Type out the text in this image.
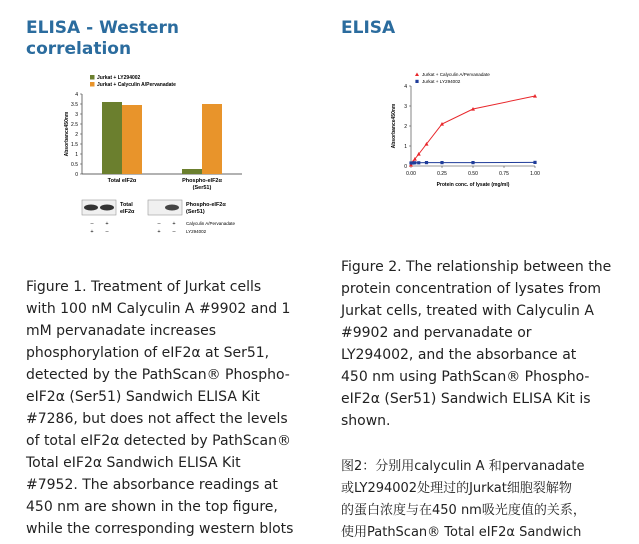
ELISA - Western
correlation
0
0.5
1
1.5
2
2.5
3
3.5
4
Absorbance450nm
Total eIF2α	Phospho-eIF2α
(Ser51)
Jurkat + LY294002
Jurkat + Calyculin A/Pervanadate
Total
eIF2α
Phospho-eIF2α
(Ser51)
– +	– +
+ –	+ –
Calyculin A/Pervanadate
LY294002
Figure 1. Treatment of Jurkat cells
with 100 nM Calyculin A #9902 and 1
mM pervanadate increases
phosphorylation of eIF2α at Ser51,
detected by the PathScan® Phospho-
eIF2α (Ser51) Sandwich ELISA Kit
#7286, but does not affect the levels
of total eIF2α detected by PathScan®
Total eIF2α Sandwich ELISA Kit
#7952. The absorbance readings at
450 nm are shown in the top figure,
while the corresponding western blots
ELISA
0
1
2
3
4
0.00	0.25	0.50	0.75	1.00
Protein conc. of lysate (mg/ml)
Absorbance450nm
Jurkat + Calyculin A/Pervanadate
Jurkat + LY294002
Figure 2. The relationship between the
protein concentration of lysates from
Jurkat cells, treated with Calyculin A
#9902 and pervanadate or
LY294002, and the absorbance at
450 nm using PathScan® Phospho-
eIF2α (Ser51) Sandwich ELISA Kit is
shown.
图2：分别用calyculin A 和pervanadate
或LY294002处理过的Jurkat细胞裂解物
的蛋白浓度与在450 nm吸光度值的关系，
使用PathScan® Total eIF2α Sandwich
